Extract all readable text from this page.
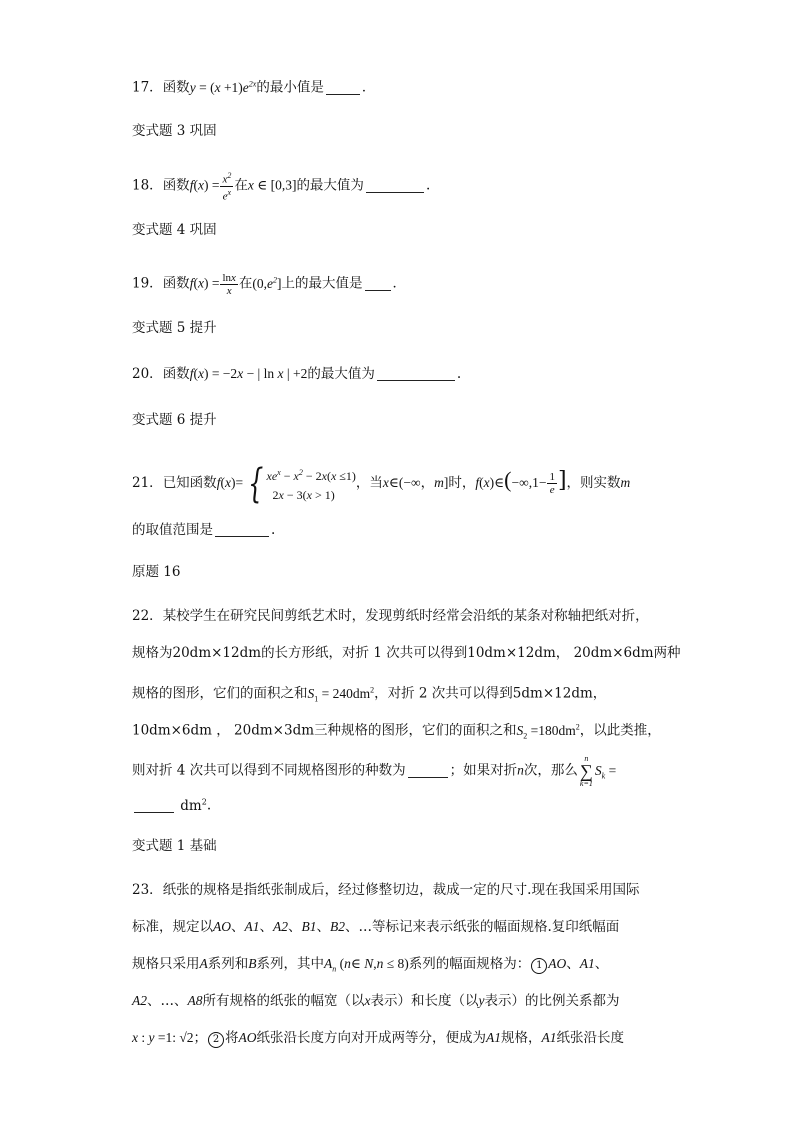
17．函数$y = (x +1)e^{2x}$的最小值是	．
变式题 3 巩固
18．函数$f(x) = \frac{x^2}{e^x}$ 在x ∈ [0,3]的最大值为	.
变式题 4 巩固
19．函数$f(x) = \frac{\ln x}{x}$ 在$(0,e^2]$上的最大值是 ．
变式题 5 提升
20．函数f(x) = −2x − | ln x | +2的最大值为	.
变式题 6 提升
21．已知函数f(x)= { $xe^x - x^2 - 2x(x \le 1)$
2x − 3(x > 1)
，当x∈(−∞，m]时，f(x)∈(−∞,1− $\frac{1}{e}$ ]，则实数m
的取值范围是	.
原题 16
22．某校学生在研究民间剪纸艺术时，发现剪纸时经常会沿纸的某条对称轴把纸对折，
规格为20dm×12dm的长方形纸，对折 1 次共可以得到10dm×12dm， 20dm×6dm两种
规格的图形，它们的面积之和$S_1 = 240dm^2$，对折 2 次共可以得到5dm×12dm，
10dm×6dm ， 20dm×3dm三种规格的图形，它们的面积之和$S_2 =180dm^2$，以此类推，
则对折 4 次共可以得到不同规格图形的种数为	；如果对折n次，那么
n
∑
k=1
$S_k$ =
$dm^2$.
变式题 1 基础
23．纸张的规格是指纸张制成后，经过修整切边，裁成一定的尺寸.现在我国采用国际
标准，规定以AO、A1、A2、B1、B2、…等标记来表示纸张的幅面规格.复印纸幅面
规格只采用A系列和B系列，其中$A_n$ (n∈ N,n ≤ 8)系列的幅面规格为： 1 AO、A1、
A2、…、A8所有规格的纸张的幅宽（以x表示）和长度（以y表示）的比例关系都为
x : y =1: √2； 2 将AO纸张沿长度方向对开成两等分，便成为A1规格，A1纸张沿长度
